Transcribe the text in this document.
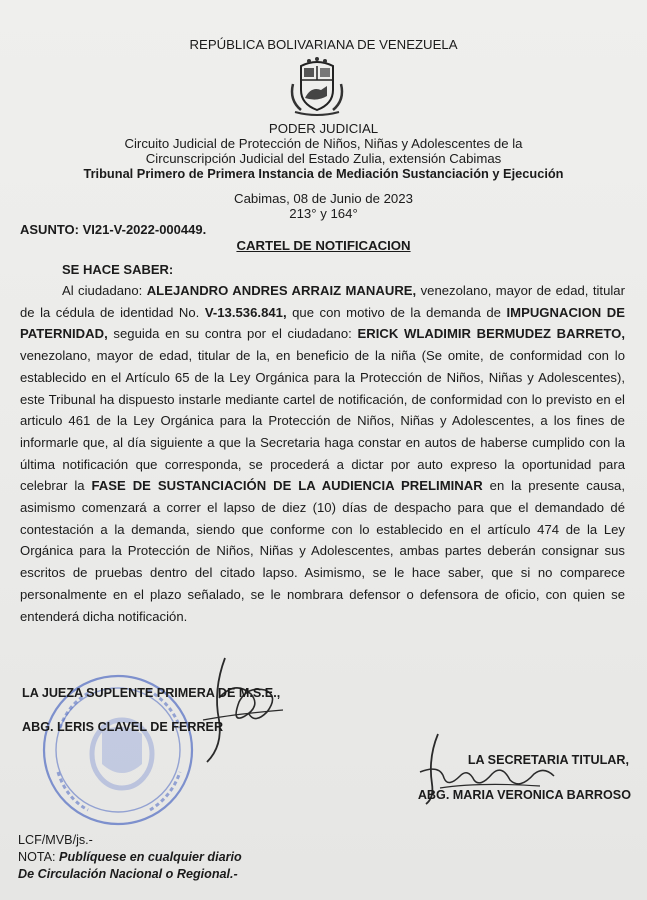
REPÚBLICA BOLIVARIANA DE VENEZUELA
PODER JUDICIAL
Circuito Judicial de Protección de Niños, Niñas y Adolescentes de la
Circunscripción Judicial del Estado Zulia, extensión Cabimas
Tribunal Primero de Primera Instancia de Mediación Sustanciación y Ejecución
Cabimas, 08 de Junio de 2023
213° y 164°
ASUNTO: VI21-V-2022-000449.
CARTEL DE NOTIFICACION
SE HACE SABER:
Al ciudadano: ALEJANDRO ANDRES ARRAIZ MANAURE, venezolano, mayor de edad, titular de la cédula de identidad No. V-13.536.841, que con motivo de la demanda de IMPUGNACION DE PATERNIDAD, seguida en su contra por el ciudadano: ERICK WLADIMIR BERMUDEZ BARRETO, venezolano, mayor de edad, titular de la, en beneficio de la niña (Se omite, de conformidad con lo establecido en el Artículo 65 de la Ley Orgánica para la Protección de Niños, Niñas y Adolescentes), este Tribunal ha dispuesto instarle mediante cartel de notificación, de conformidad con lo previsto en el articulo 461 de la Ley Orgánica para la Protección de Niños, Niñas y Adolescentes, a los fines de informarle que, al día siguiente a que la Secretaria haga constar en autos de haberse cumplido con la última notificación que corresponda, se procederá a dictar por auto expreso la oportunidad para celebrar la FASE DE SUSTANCIACIÓN DE LA AUDIENCIA PRELIMINAR en la presente causa, asimismo comenzará a correr el lapso de diez (10) días de despacho para que el demandado dé contestación a la demanda, siendo que conforme con lo establecido en el artículo 474 de la Ley Orgánica para la Protección de Niños, Niñas y Adolescentes, ambas partes deberán consignar sus escritos de pruebas dentro del citado lapso. Asimismo, se le hace saber, que si no comparece personalmente en el plazo señalado, se le nombrara defensor o defensora de oficio, con quien se entenderá dicha notificación.
LA JUEZA SUPLENTE PRIMERA DE M.S.E.,
ABG. LERIS CLAVEL DE FERRER
LA SECRETARIA TITULAR,
ABG. MARIA VERONICA BARROSO
LCF/MVB/js.-
NOTA: Publíquese en cualquier diario
De Circulación Nacional o Regional.-
